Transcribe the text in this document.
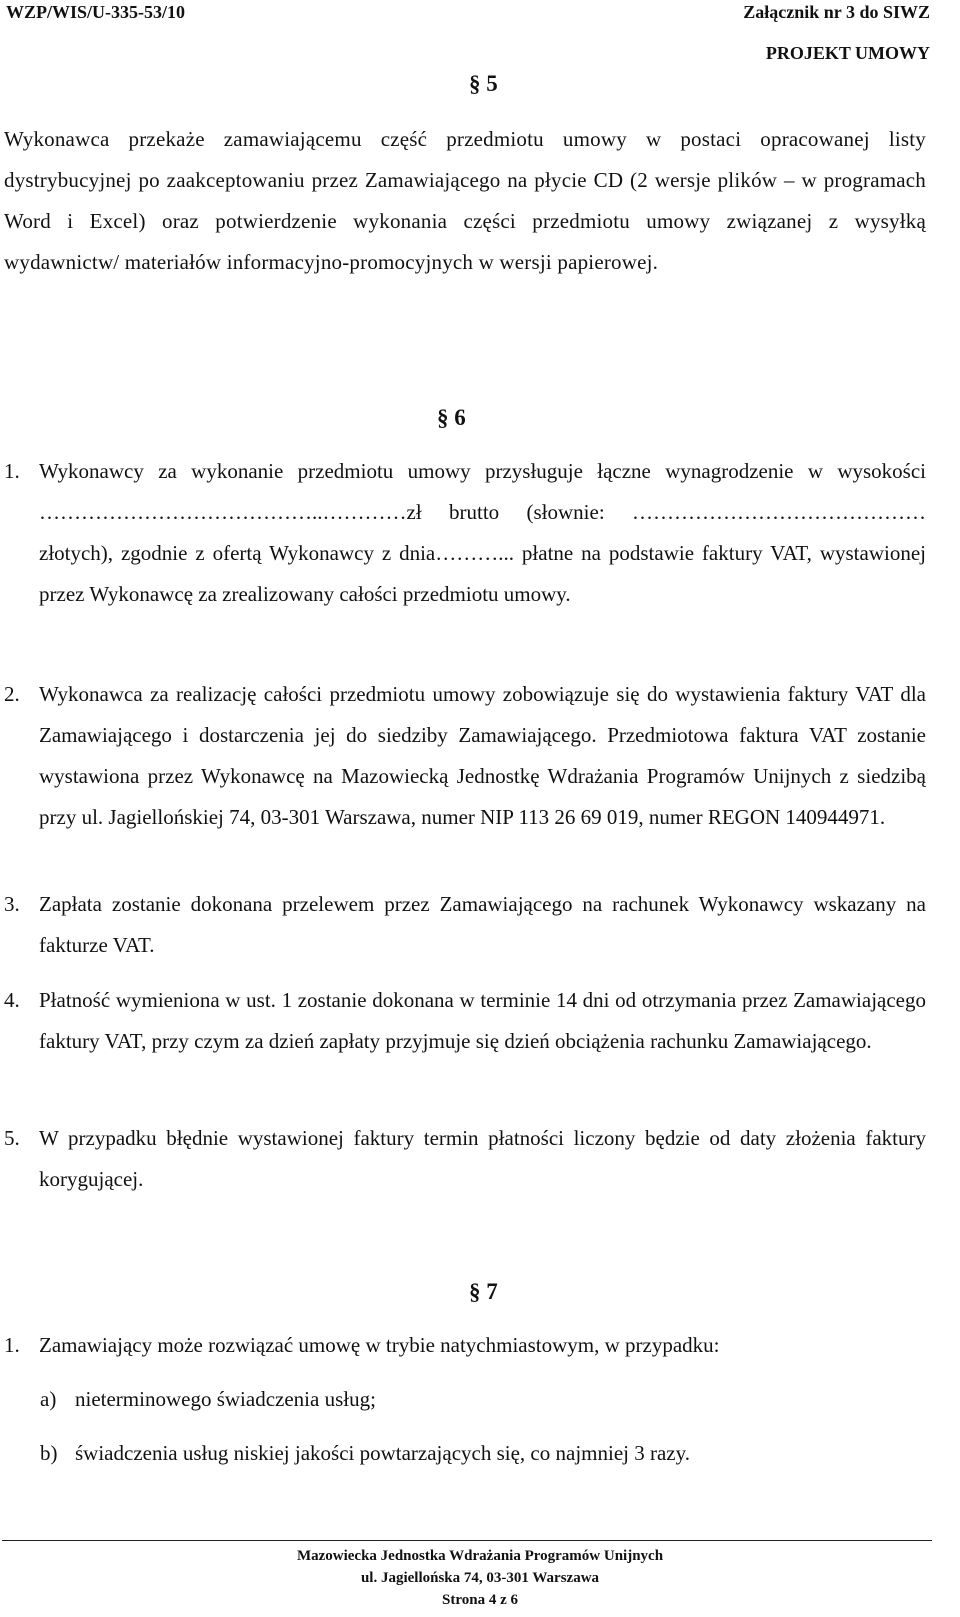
WZP/WIS/U-335-53/10	Załącznik nr 3 do SIWZ
PROJEKT UMOWY
§ 5
Wykonawca przekaże zamawiającemu część przedmiotu umowy w postaci opracowanej listy dystrybucyjnej po zaakceptowaniu przez Zamawiającego na płycie CD (2 wersje plików – w programach Word i Excel) oraz potwierdzenie wykonania części przedmiotu umowy związanej z wysyłką wydawnictw/ materiałów informacyjno-promocyjnych w wersji papierowej.
§ 6
1. Wykonawcy za wykonanie przedmiotu umowy przysługuje łączne wynagrodzenie w wysokości …………………………………..…………zł brutto (słownie: ……………………………………złotych), zgodnie z ofertą Wykonawcy z dnia………... płatne na podstawie faktury VAT, wystawionej przez Wykonawcę za zrealizowany całości przedmiotu umowy.
2. Wykonawca za realizację całości przedmiotu umowy zobowiązuje się do wystawienia faktury VAT dla Zamawiającego i dostarczenia jej do siedziby Zamawiającego. Przedmiotowa faktura VAT zostanie wystawiona przez Wykonawcę na Mazowiecką Jednostkę Wdrażania Programów Unijnych z siedzibą przy ul. Jagiellońskiej 74, 03-301 Warszawa, numer NIP 113 26 69 019, numer REGON 140944971.
3. Zapłata zostanie dokonana przelewem przez Zamawiającego na rachunek Wykonawcy wskazany na fakturze VAT.
4. Płatność wymieniona w ust. 1 zostanie dokonana w terminie 14 dni od otrzymania przez Zamawiającego faktury VAT, przy czym za dzień zapłaty przyjmuje się dzień obciążenia rachunku Zamawiającego.
5. W przypadku błędnie wystawionej faktury termin płatności liczony będzie od daty złożenia faktury korygującej.
§ 7
1. Zamawiający może rozwiązać umowę w trybie natychmiastowym, w przypadku:
a) nieterminowego świadczenia usług;
b) świadczenia usług niskiej jakości powtarzających się, co najmniej 3 razy.
Mazowiecka Jednostka Wdrażania Programów Unijnych
ul. Jagiellońska 74, 03-301 Warszawa
Strona 4 z 6
